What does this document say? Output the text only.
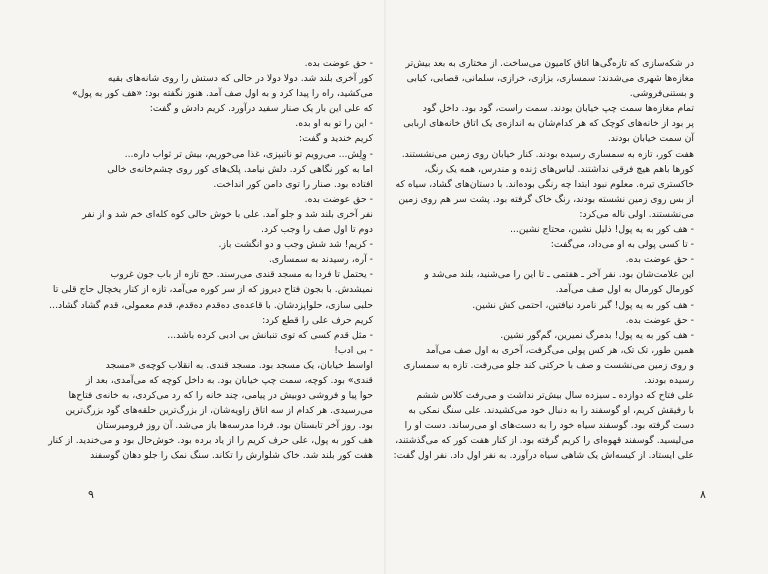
- حق عوضت بده.
کور آخری بلند شد. دولا دولا در حالی که دستش را روی شانه‌های بقیه
می‌کشید، راه را پیدا کرد و به اول صف آمد. هنوز نگفته بود: «هف کور به پول»
که علی این بار یک صنار سفید درآورد. کریم دادش و گفت:
- این را تو به او بده.
کریم خندید و گفت:
- وِلِش... می‌رویم تو ناتبپزی، غذا می‌خوریم، بیش تر ثواب داره...
اما به کور نگاهی کرد. دلش نیامد. پلک‌های کور روی چشم‌خانه‌ی خالی
افتاده بود. صنار را توی دامن کور انداخت.
- حق عوضت بده.
نفر آخری بلند شد و جلو آمد. علی با خوش حالی کوه کله‌ای خم شد و از نفر
دوم تا اول صف را وجب کرد.
- کریم! شد شش وجب و دو انگشت باز.
- آره، رسیدند به سمساری.
- یحتمل تا فردا به مسجد قندی می‌رسند. حج تازه از باب جون غروب
نمیشدش. با بجون فتاح دیروز که از سر کوره می‌آمد، تازه از کنار یخچال حاج قلی تا
حلبی سازی، حلوا‌پزدشان. با قاعده‌ی ده‌قدم ده‌قدم، قدم معمولی، قدم گشاد گشاد...
کریم حرف علی را قطع کرد:
- مثل قدم کسی که توی تنبانش بی ادبی کرده باشد...
- بی ادب!
اواسط خیابان، یک مسجد بود. مسجد قندی. به انقلاب کوچه‌ی «مسجد
قندی» بود. کوچه، سمت چپ خیابان بود. به داخل کوچه که می‌آمدی، بعد از
حوا پیا و فروشی دوبیش در پیامی، چند خانه را که رد می‌کردی، به خانه‌ی فتاح‌ها
می‌رسیدی. هر کدام از سه اتاق زاویه‌شان، از بزرگ‌ترین حلقه‌های گود بزرگ‌ترین
بود. روز آخر تابستان بود. فردا مدرسه‌ها باز می‌شد. آن روز فرومیرستان
هف کور به پول، علی حرف کریم را از یاد برده بود. خوش‌حال بود و می‌خندید. از کنار
هفت کور بلند شد. خاک شلوارش را تکاند. سنگ نمک را جلو دهان گوسفند
در شکه‌سازی که تازه‌گی‌ها اتاق کامیون می‌ساخت. از مختاری به بعد بیش‌تر
مغازه‌ها شهری می‌شدند: سمساری، بزازی، خرازی، سلمانی، قصابی، کبابی
و بستنی‌فروشی.
تمام مغازه‌ها سمت چپ خیابان بودند. سمت راست، گود بود. داخل گود
پر بود از خانه‌های کوچک که هر کدام‌شان به اندازه‌ی یک اتاق خانه‌های اربابی
آن سمت خیابان بودند.
هفت کور، تازه به سمساری رسیده بودند. کنار خیابان روی زمین می‌نشستند.
کورها باهم هیچ فرقی نداشتند. لباس‌های ژنده و مندرس، همه یک رنگ،
خاکستری تیره. معلوم نبود ابتدا چه رنگی بوده‌اند. با دستان‌های گشاد، سیاه که
از بس روی زمین نشسته بودند، رنگ خاک گرفته بود. پشت سر هم روی زمین
می‌نشستند. اولی ناله می‌کرد:
- هف کور به یه پول! ذلیل نشین، محتاج نشین...
- تا کسی پولی به او می‌داد، می‌گفت:
- حق عوضت بده.
این علامت‌شان بود. نفر آخر ـ هفتمی ـ تا این را می‌شنید، بلند می‌شد و
کورمال کورمال به اول صف می‌آمد.
- هف کور به یه پول! گیر نامرد نیافتین، احتمی کش نشین.
- حق عوضت بده.
- هف کور به یه پول! بدمرگ نمیرین، گم‌گور نشین.
همین طور، تک تک، هر کس پولی می‌گرفت، آخری به اول صف می‌آمد
و روی زمین می‌نشست و صف با حرکتی کند جلو می‌رفت. تازه به سمساری
رسیده بودند.
علی فتاح که دوازده ـ سیزده سال بیش‌تر نداشت و می‌رفت کلاس ششم
با رفیقش کریم، او گوسفند را به دنبال خود می‌کشیدند. علی سنگ نمکی به
دست گرفته بود. گوسفند سیاه خود را به دست‌های او می‌رساند. دست او را
می‌لیسید. گوسفند قهوه‌ای را کریم گرفته بود. از کنار هفت کور که می‌گذشتند،
علی ایستاد. از کیسه‌اش یک شاهی سیاه درآورد. به نفر اول داد. نفر اول گفت:
۹	۸
